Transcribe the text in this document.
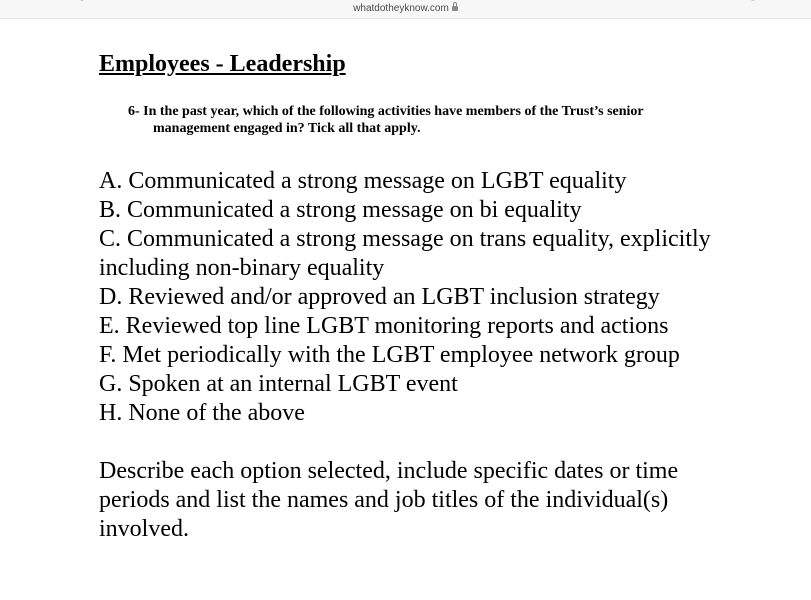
whatdotheyknow.com
Employees - Leadership

6- In the past year, which of the following activities have members of the Trust’s senior management engaged in? Tick all that apply.

A. Communicated a strong message on LGBT equality
B. Communicated a strong message on bi equality
C. Communicated a strong message on trans equality, explicitly including non-binary equality
D. Reviewed and/or approved an LGBT inclusion strategy
E. Reviewed top line LGBT monitoring reports and actions
F. Met periodically with the LGBT employee network group
G. Spoken at an internal LGBT event
H. None of the above

Describe each option selected, include specific dates or time periods and list the names and job titles of the individual(s) involved.
